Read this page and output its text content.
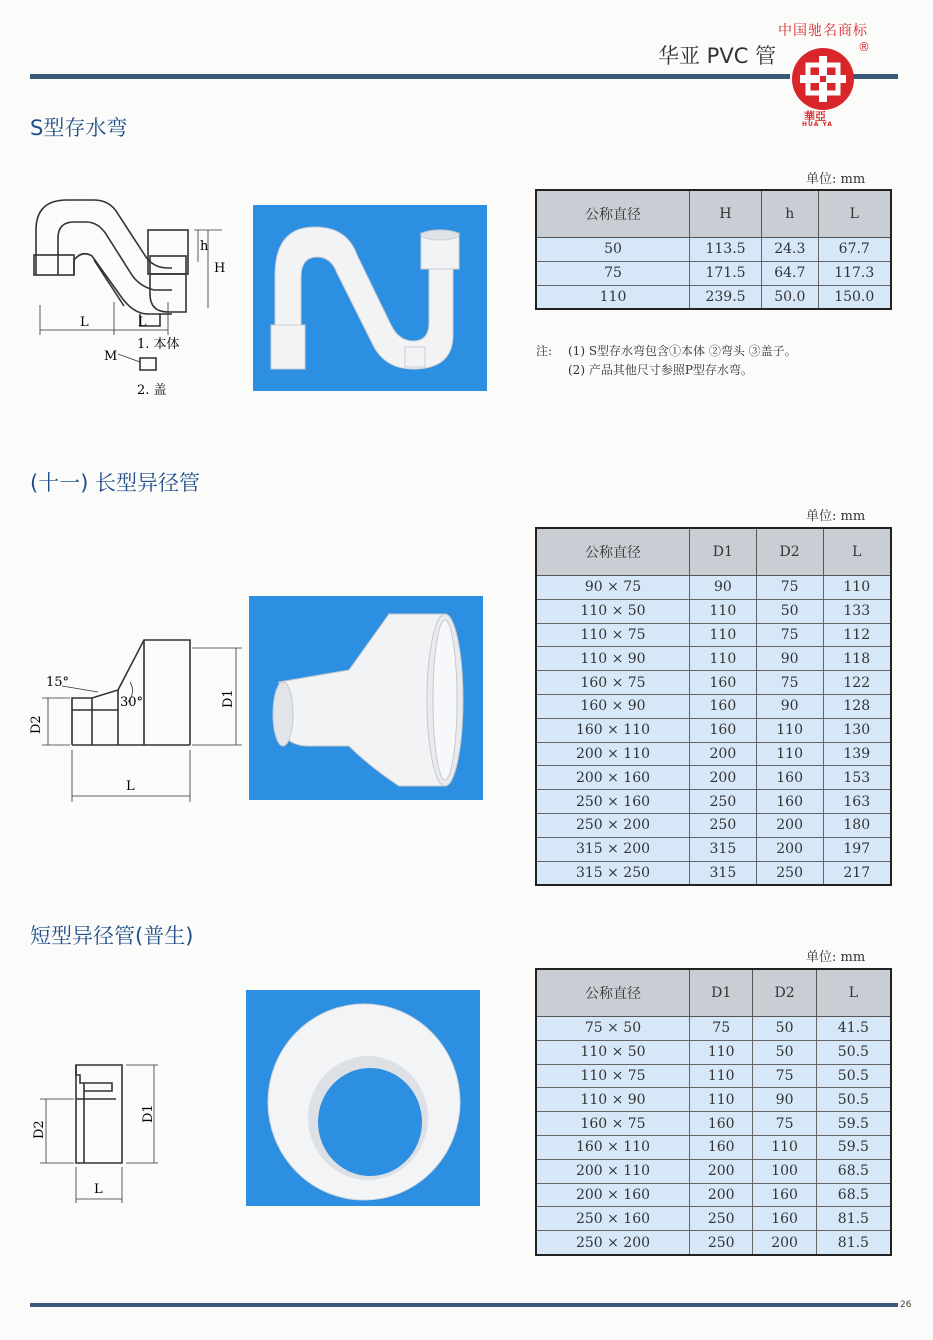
中国驰名商标
华亚 PVC 管	®
華亞
HUA YA
S型存水弯
L	L
H
h
M
1. 本体
2. 盖
单位: mm
公称直径	H	h	L
50	113.5	24.3	67.7
75	171.5	64.7	117.3
110	239.5	50.0	150.0
注: (1) S型存水弯包含①本体 ②弯头 ③盖子。
(2) 产品其他尺寸参照P型存水弯。
(十一) 长型异径管
15°
30°	D1
D2
L
单位: mm
公称直径	D1	D2	L
90 × 75	90	75	110
110 × 50	110	50	133
110 × 75	110	75	112
110 × 90	110	90	118
160 × 75	160	75	122
160 × 90	160	90	128
160 × 110	160	110	130
200 × 110	200	110	139
200 × 160	200	160	153
250 × 160	250	160	163
250 × 200	250	200	180
315 × 200	315	200	197
315 × 250	315	250	217
短型异径管(普生)
D1
D2
L
单位: mm
公称直径	D1	D2	L
75 × 50	75	50	41.5
110 × 50	110	50	50.5
110 × 75	110	75	50.5
110 × 90	110	90	50.5
160 × 75	160	75	59.5
160 × 110	160	110	59.5
200 × 110	200	100	68.5
200 × 160	200	160	68.5
250 × 160	250	160	81.5
250 × 200	250	200	81.5
26
